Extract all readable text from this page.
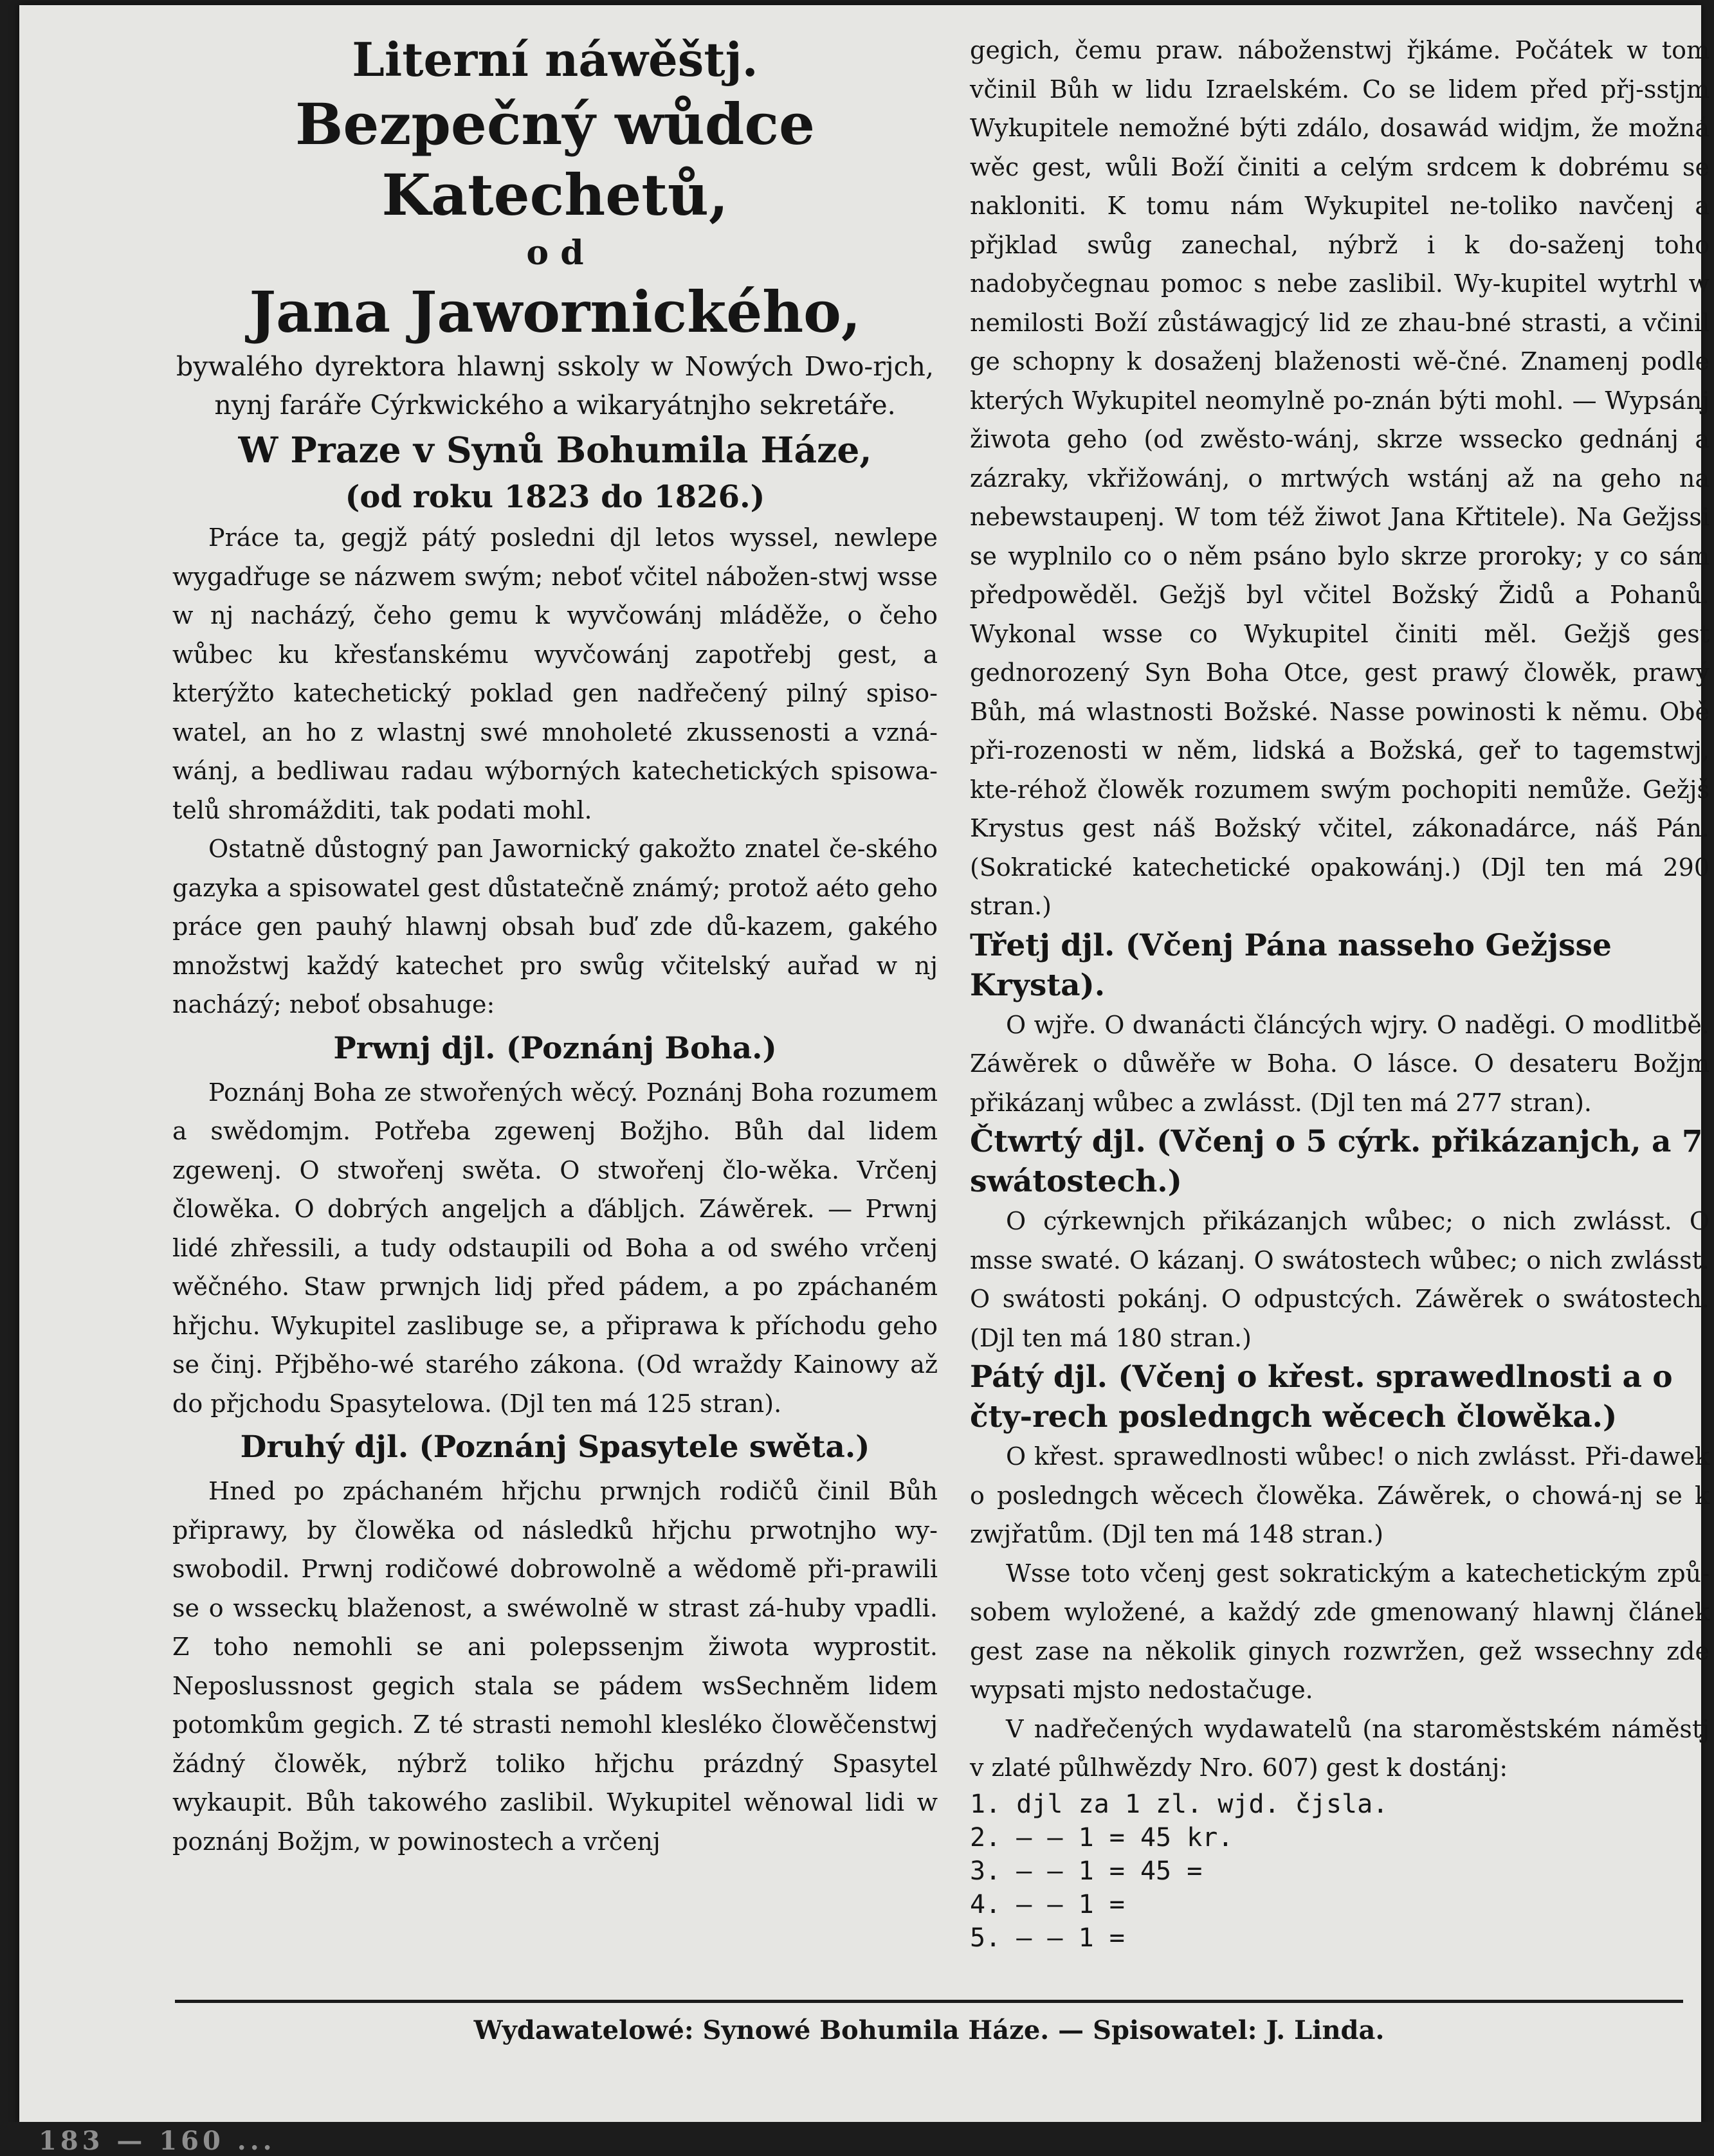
Literní náwěštj.
Bezpečný wůdce Katechetů,
o d
Jana Jawornického,
bywalého dyrektora hlawnj sskoly w Nowých Dwo-rjch, nynj faráře Cýrkwického a wikaryátnjho sekretáře.
W Praze v Synů Bohumila Háze,
(od roku 1823 do 1826.)

Práce ta, gegjž pátý posledni djl letos wyssel, newlepe wygadřuge se názwem swým; neboť včitel nábožen-stwj wsse w nj nacházý, čeho gemu k wyvčowánj mláděže, o čeho wůbec ku křesťanskému wyvčowánj zapotřebj gest, a kterýžto katechetický poklad gen nadřečený pilný spiso-watel, an ho z wlastnj swé mnoholeté zkussenosti a vzná-wánj, a bedliwau radau wýborných katechetických spisowa-telů shromážditi, tak podati mohl.

Ostatně důstogný pan Jawornický gakožto znatel če-ského gazyka a spisowatel gest důstatečně známý; protož aéto geho práce gen pauhý hlawnj obsah buď zde dů-kazem, gakého množstwj každý katechet pro swůg včitelský auřad w nj nacházý; neboť obsahuge:

Prwnj djl. (Poznánj Boha.)

Poznánj Boha ze stwořených wěcý. Poznánj Boha rozumem a swědomjm. Potřeba zgewenj Božjho. Bůh dal lidem zgewenj. O stwořenj swěta. O stwořenj člo-wěka. Vrčenj člowěka. O dobrých angeljch a ďábljch. Záwěrek. — Prwnj lidé zhřessili, a tudy odstaupili od Boha a od swého vrčenj wěčného. Staw prwnjch lidj před pádem, a po zpáchaném hřjchu. Wykupitel zaslibuge se, a připrawa k příchodu geho se činj. Přjběho-wé starého zákona. (Od wraždy Kainowy až do přjchodu Spasytelowa. (Djl ten má 125 stran).

Druhý djl. (Poznánj Spasytele swěta.)

Hned po zpáchaném hřjchu prwnjch rodičů činil Bůh připrawy, by člowěka od následků hřjchu prwotnjho wy-swobodil. Prwnj rodičowé dobrowolně a wědomě při-prawili se o wsseckų blaženost, a swéwolně w strast zá-huby vpadli. Z toho nemohli se ani polepssenjm žiwota wyprostit. Neposlussnost gegich stala se pádem wsSechněm lidem potomkům gegich. Z té strasti nemohl klesléko člowěčenstwj žádný člowěk, nýbrž toliko hřjchu prázdný Spasytel wykaupit. Bůh takowého zaslibil. Wykupitel wěnowal lidi w poznánj Božjm, w powinostech a vrčenj

gegich, čemu praw. náboženstwj řjkáme. Počátek w tom včinil Bůh w lidu Izraelském. Co se lidem před přj-sstjm Wykupitele nemožné býti zdálo, dosawád widjm, že možná wěc gest, wůli Boží činiti a celým srdcem k dobrému se nakloniti. K tomu nám Wykupitel ne-toliko navčenj a přjklad swůg zanechal, nýbrž i k do-saženj toho nadobyčegnau pomoc s nebe zaslibil. Wy-kupitel wytrhl w nemilosti Boží zůstáwagjcý lid ze zhau-bné strasti, a včinil ge schopny k dosaženj blaženosti wě-čné. Znamenj podle kterých Wykupitel neomylně po-znán býti mohl. — Wypsánj žiwota geho (od zwěsto-wánj, skrze wssecko gednánj a zázraky, vkřižowánj, o mrtwých wstánj až na geho na nebewstaupenj. W tom též žiwot Jana Křtitele). Na Gežjssi se wyplnilo co o něm psáno bylo skrze proroky; y co sám předpowěděl. Gežjš byl včitel Božský Židů a Pohanů. Wykonal wsse co Wykupitel činiti měl. Gežjš gest gednorozený Syn Boha Otce, gest prawý člowěk, prawý Bůh, má wlastnosti Božské. Nasse powinosti k němu. Obě při-rozenosti w něm, lidská a Božská, geř to tagemstwj, kte-réhož člowěk rozumem swým pochopiti nemůže. Gežjš Krystus gest náš Božský včitel, zákonadárce, náš Pán. (Sokratické katechetické opakowánj.) (Djl ten má 290 stran.)

Třetj djl. (Včenj Pána nasseho Gežjsse Krysta).

O wjře. O dwanácti článcých wjry. O naděgi. O modlitbě. Záwěrek o důwěře w Boha. O lásce. O desateru Božjm přikázanj wůbec a zwlásst. (Djl ten má 277 stran).

Čtwrtý djl. (Včenj o 5 cýrk. přikázanjch, a 7 swátostech.)

O cýrkewnjch přikázanjch wůbec; o nich zwlásst. O msse swaté. O kázanj. O swátostech wůbec; o nich zwlásst. O swátosti pokánj. O odpustcých. Záwěrek o swátostech. (Djl ten má 180 stran.)

Pátý djl. (Včenj o křest. sprawedlnosti a o čty-rech posledngch wěcech člowěka.)

O křest. sprawedlnosti wůbec! o nich zwlásst. Při-dawek o posledngch wěcech člowěka. Záwěrek, o chowá-nj se k zwjřatům. (Djl ten má 148 stran.)

Wsse toto včenj gest sokratickým a katechetickým způ-sobem wyložené, a každý zde gmenowaný hlawnj článek gest zase na několik ginych rozwržen, gež wssechny zde wypsati mjsto nedostačuge.

V nadřečených wydawatelů (na staroměstském náměstj v zlaté půlhwězdy Nro. 607) gest k dostánj:

1. djl za 1 zl. wjd. čjsla.
2. — — 1 = 45 kr.
3. — — 1 = 45 =
4. — — 1 =
5. — — 1 =
Wydawatelowé: Synowé Bohumila Háze. — Spisowatel: J. Linda.
183 — 160 ...
